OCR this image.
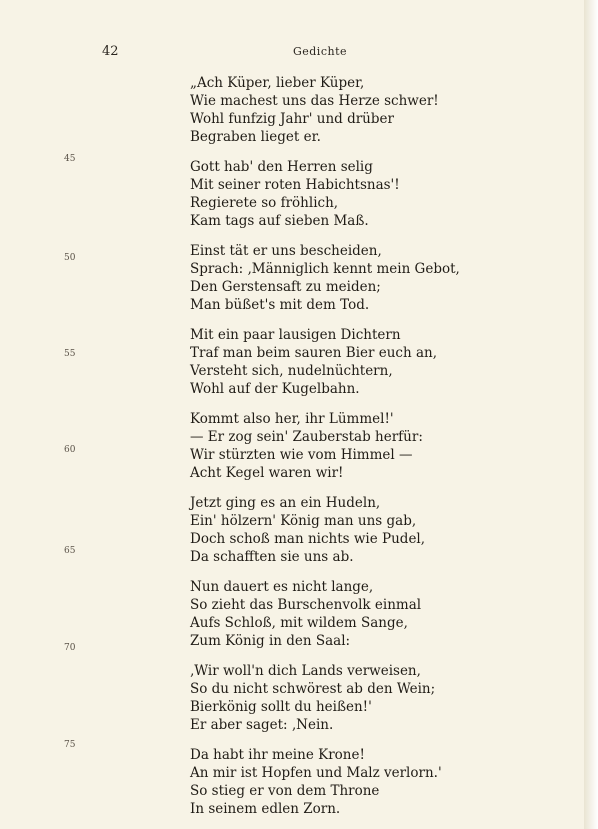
42	Gedichte
45
50
55
60
65
70
75
„Ach Küper, lieber Küper,
Wie machest uns das Herze schwer!
Wohl funfzig Jahr' und drüber
Begraben lieget er.
Gott hab' den Herren selig
Mit seiner roten Habichtsnas'!
Regierete so fröhlich,
Kam tags auf sieben Maß.
Einst tät er uns bescheiden,
Sprach: ‚Männiglich kennt mein Gebot,
Den Gerstensaft zu meiden;
Man büßet's mit dem Tod.
Mit ein paar lausigen Dichtern
Traf man beim sauren Bier euch an,
Versteht sich, nudelnüchtern,
Wohl auf der Kugelbahn.
Kommt also her, ihr Lümmel!'
— Er zog sein' Zauberstab herfür:
Wir stürzten wie vom Himmel —
Acht Kegel waren wir!
Jetzt ging es an ein Hudeln,
Ein' hölzern' König man uns gab,
Doch schoß man nichts wie Pudel,
Da schafften sie uns ab.
Nun dauert es nicht lange,
So zieht das Burschenvolk einmal
Aufs Schloß, mit wildem Sange,
Zum König in den Saal:
‚Wir woll'n dich Lands verweisen,
So du nicht schwörest ab den Wein;
Bierkönig sollt du heißen!'
Er aber saget: ‚Nein.
Da habt ihr meine Krone!
An mir ist Hopfen und Malz verlorn.'
So stieg er von dem Throne
In seinem edlen Zorn.
